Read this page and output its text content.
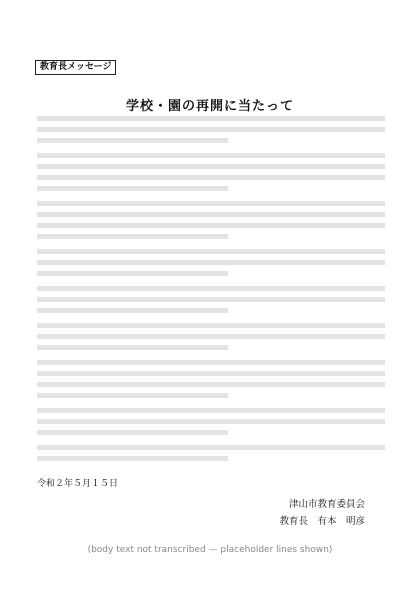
教育長メッセージ
学校・園の再開に当たって
令和２年５月１５日
津山市教育委員会
教育長　有本　明彦
(body text not transcribed — placeholder lines shown)
